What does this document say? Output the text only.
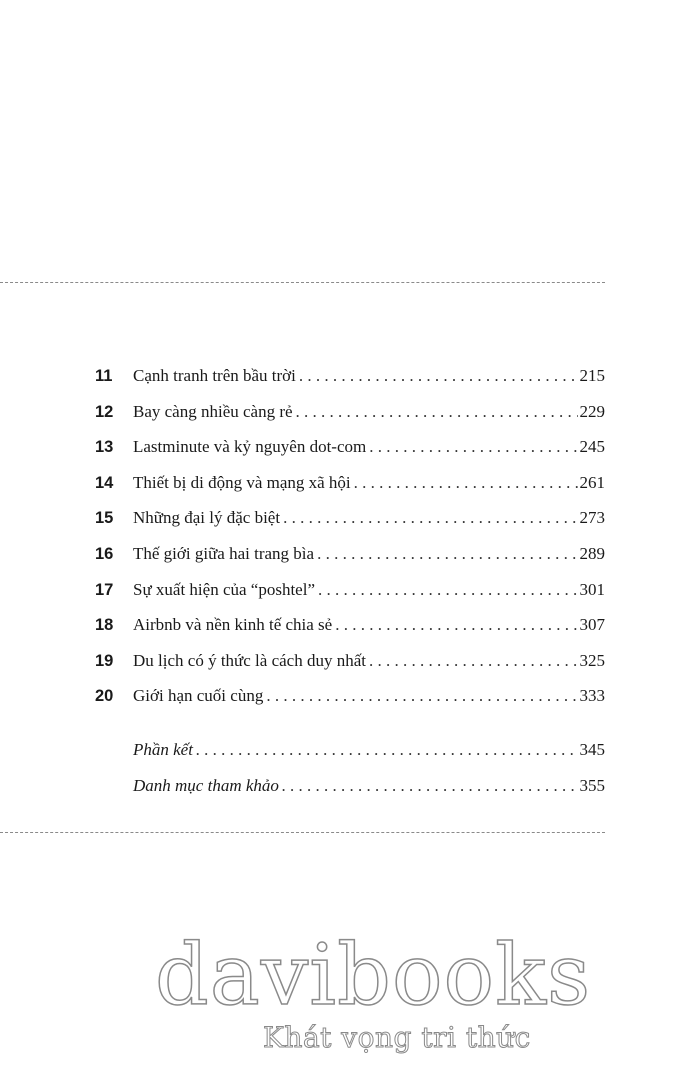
11	Cạnh tranh trên bầu trời . . .	215
12	Bay càng nhiều càng rẻ . . .	229
13	Lastminute và kỷ nguyên dot-com . . .	245
14	Thiết bị di động và mạng xã hội . . .	261
15	Những đại lý đặc biệt . . .	273
16	Thế giới giữa hai trang bìa . . .	289
17	Sự xuất hiện của “poshtel” . . .	301
18	Airbnb và nền kinh tế chia sẻ . . .	307
19	Du lịch có ý thức là cách duy nhất . . .	325
20	Giới hạn cuối cùng . . .	333
Phần kết . . .	345
Danh mục tham khảo . . .	355
davibooks
Khát vọng tri thức
